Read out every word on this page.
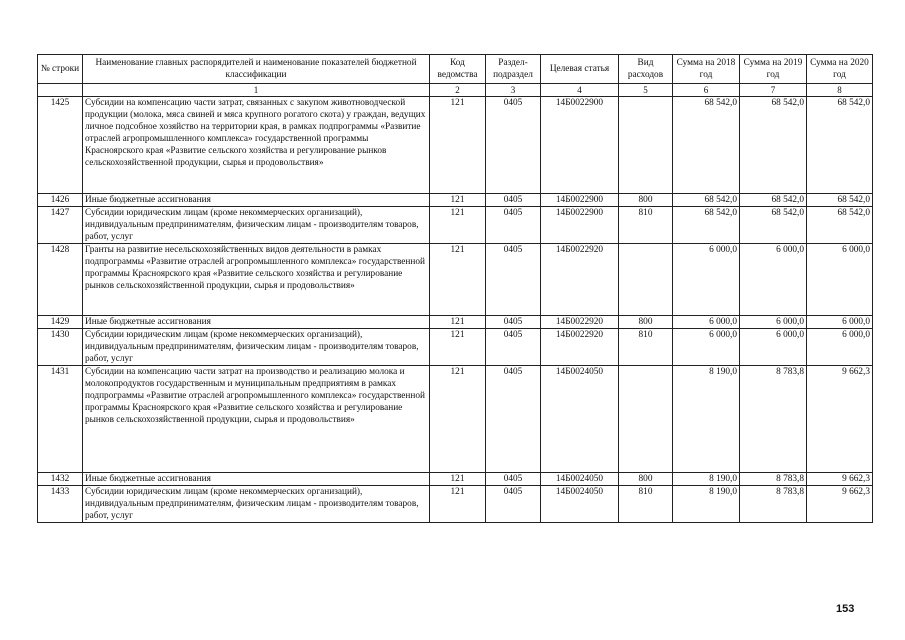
№ строки	Наименование главных распорядителей и наименование показателей бюджетной классификации	Код ведомства	Раздел-подраздел	Целевая статья	Вид расходов	Сумма на 2018 год	Сумма на 2019 год	Сумма на 2020 год
	1	2	3	4	5	6	7	8
1425	Субсидии на компенсацию части затрат, связанных с закупом животноводческой продукции (молока, мяса свиней и мяса крупного рогатого скота) у граждан, ведущих личное подсобное хозяйство на территории края, в рамках подпрограммы «Развитие отраслей агропромышленного комплекса» государственной программы Красноярского края «Развитие сельского хозяйства и регулирование рынков сельскохозяйственной продукции, сырья и продовольствия»	121	0405	14Б0022900		68 542,0	68 542,0	68 542,0
1426	Иные бюджетные ассигнования	121	0405	14Б0022900	800	68 542,0	68 542,0	68 542,0
1427	Субсидии юридическим лицам (кроме некоммерческих организаций), индивидуальным предпринимателям, физическим лицам - производителям товаров, работ, услуг	121	0405	14Б0022900	810	68 542,0	68 542,0	68 542,0
1428	Гранты на развитие несельскохозяйственных видов деятельности в рамках подпрограммы «Развитие отраслей агропромышленного комплекса» государственной программы Красноярского края «Развитие сельского хозяйства и регулирование рынков сельскохозяйственной продукции, сырья и продовольствия»	121	0405	14Б0022920		6 000,0	6 000,0	6 000,0
1429	Иные бюджетные ассигнования	121	0405	14Б0022920	800	6 000,0	6 000,0	6 000,0
1430	Субсидии юридическим лицам (кроме некоммерческих организаций), индивидуальным предпринимателям, физическим лицам - производителям товаров, работ, услуг	121	0405	14Б0022920	810	6 000,0	6 000,0	6 000,0
1431	Субсидии на компенсацию части затрат на производство и реализацию молока и молокопродуктов государственным и муниципальным предприятиям в рамках подпрограммы «Развитие отраслей агропромышленного комплекса» государственной программы Красноярского края «Развитие сельского хозяйства и регулирование рынков сельскохозяйственной продукции, сырья и продовольствия»	121	0405	14Б0024050		8 190,0	8 783,8	9 662,3
1432	Иные бюджетные ассигнования	121	0405	14Б0024050	800	8 190,0	8 783,8	9 662,3
1433	Субсидии юридическим лицам (кроме некоммерческих организаций), индивидуальным предпринимателям, физическим лицам - производителям товаров, работ, услуг	121	0405	14Б0024050	810	8 190,0	8 783,8	9 662,3
153
